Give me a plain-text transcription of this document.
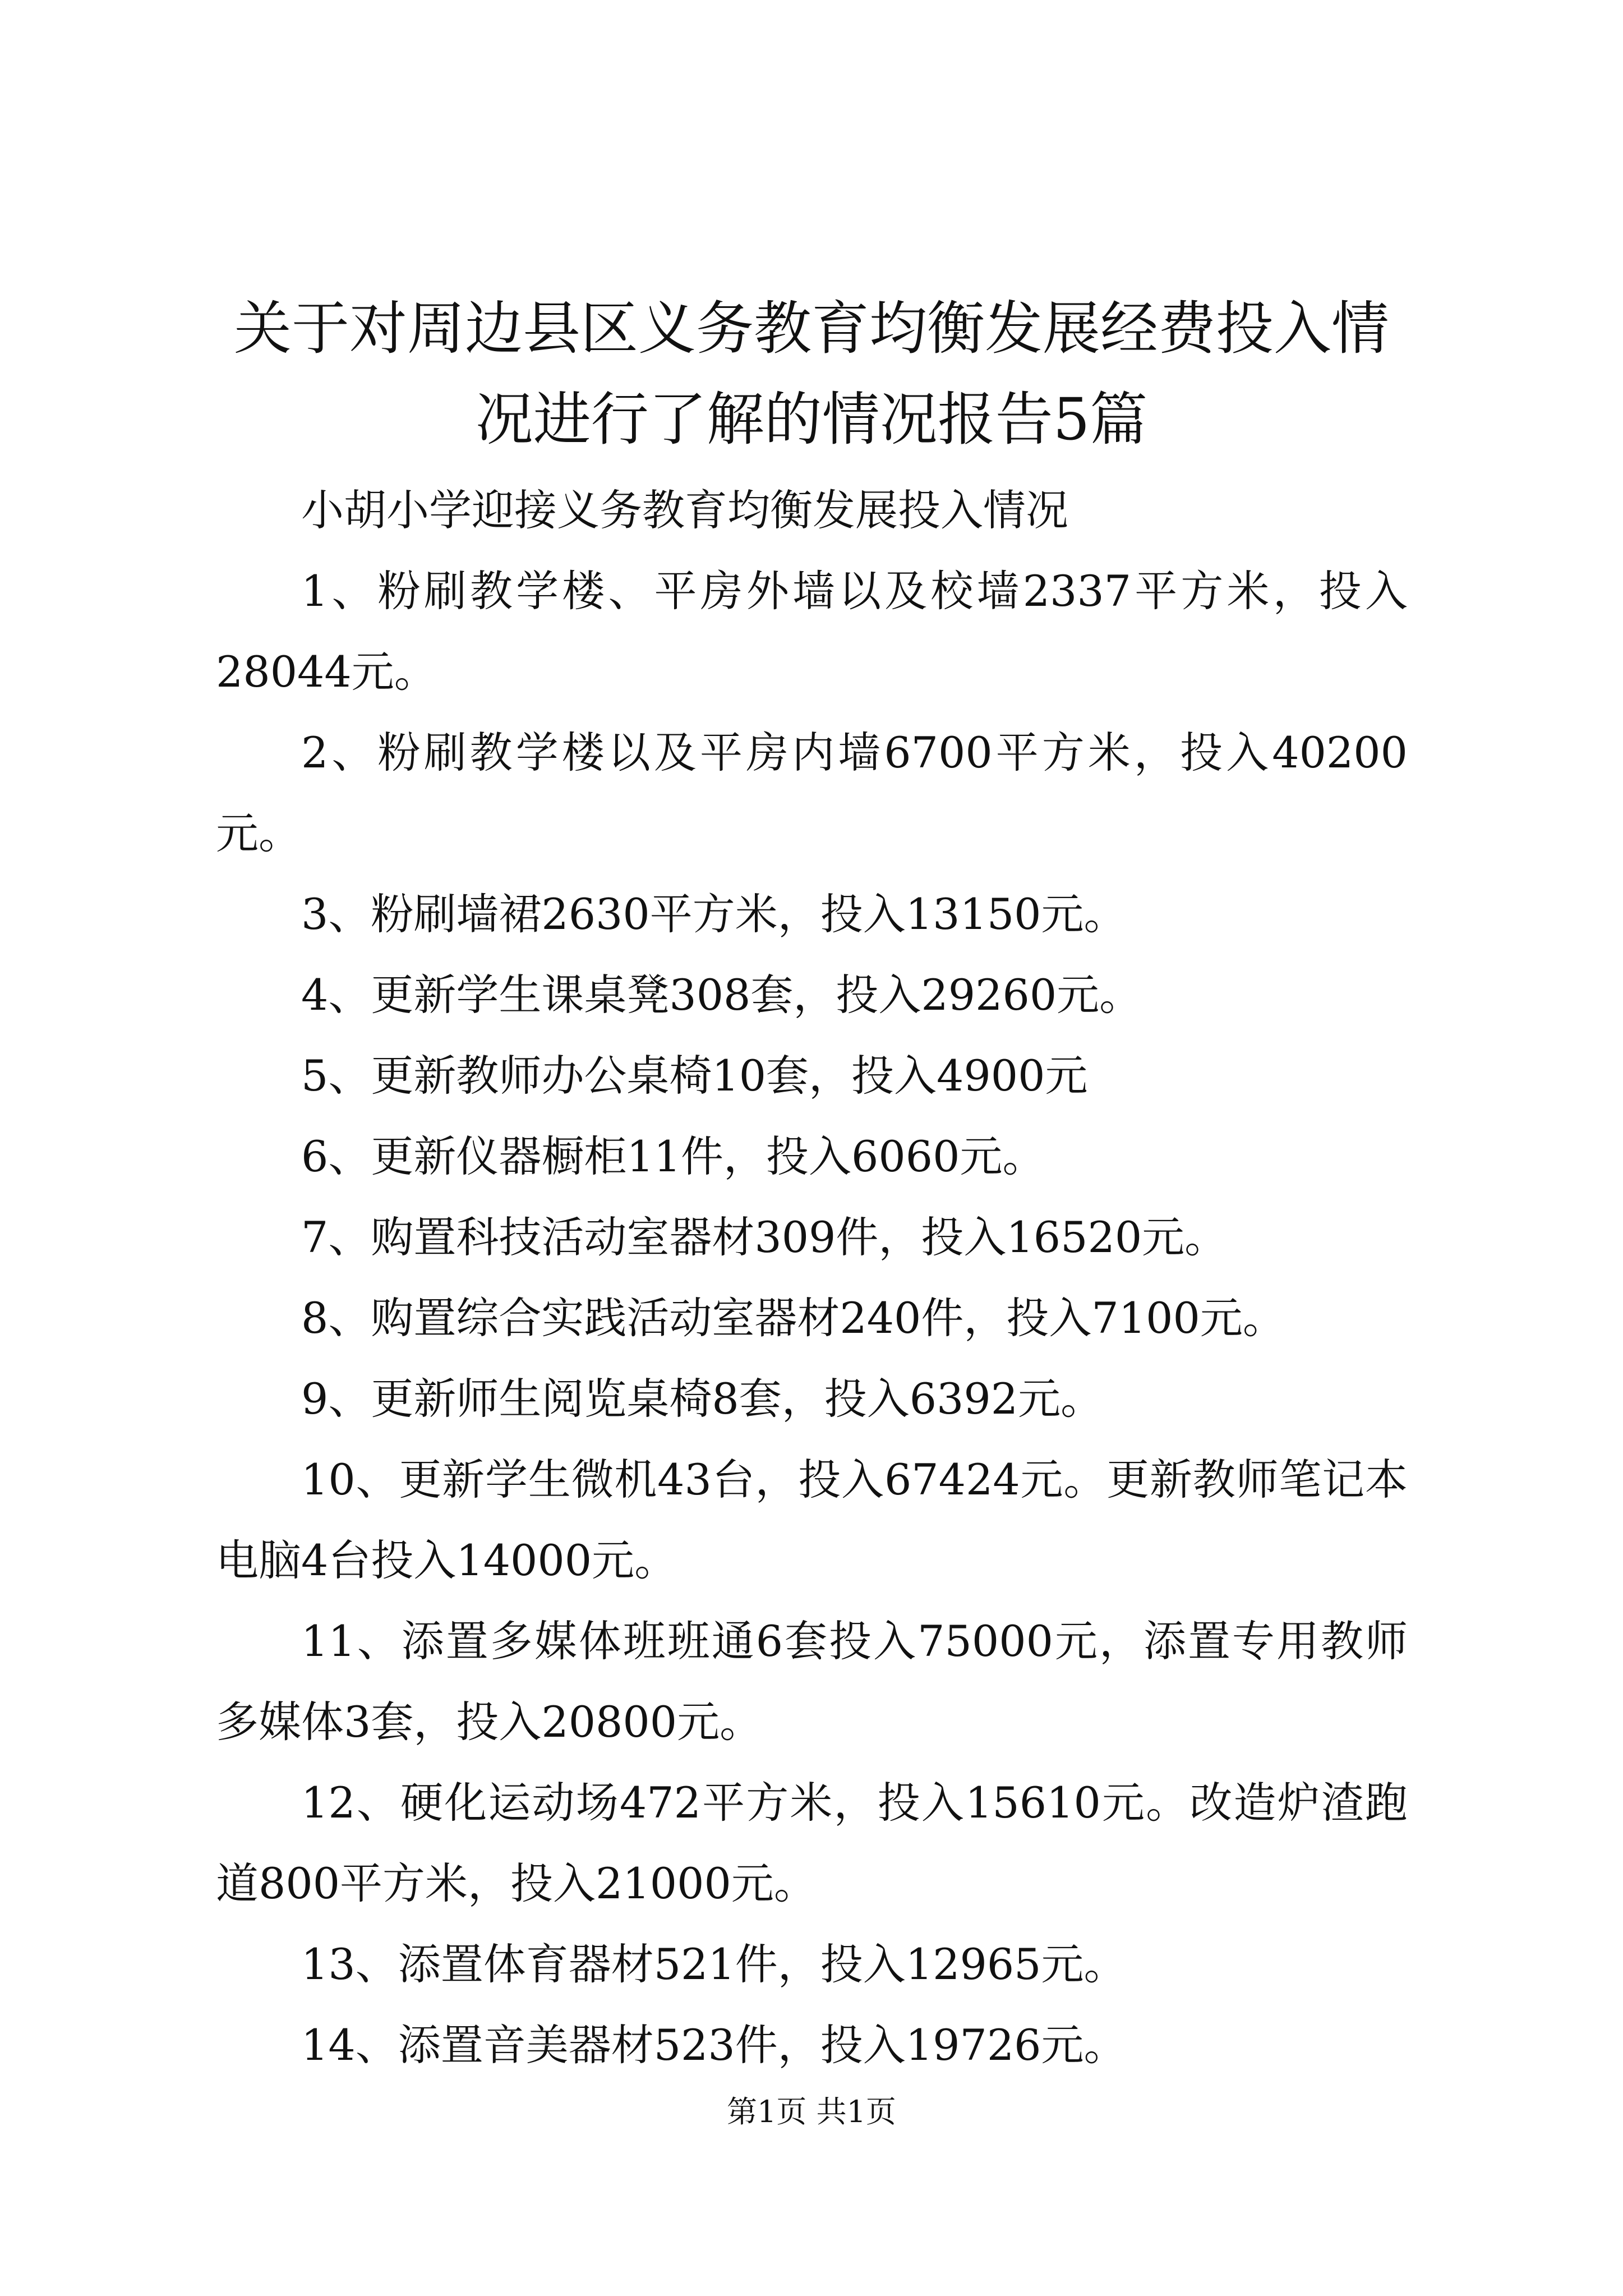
关于对周边县区义务教育均衡发展经费投入情
况进行了解的情况报告5篇

小胡小学迎接义务教育均衡发展投入情况

1、粉刷教学楼、平房外墙以及校墙2337平方米，投入28044元。

2、粉刷教学楼以及平房内墙6700平方米，投入40200元。

3、粉刷墙裙2630平方米，投入13150元。

4、更新学生课桌凳308套，投入29260元。

5、更新教师办公桌椅10套，投入4900元

6、更新仪器橱柜11件，投入6060元。

7、购置科技活动室器材309件，投入16520元。

8、购置综合实践活动室器材240件，投入7100元。

9、更新师生阅览桌椅8套，投入6392元。

10、更新学生微机43台，投入67424元。更新教师笔记本电脑4台投入14000元。

11、添置多媒体班班通6套投入75000元，添置专用教师多媒体3套，投入20800元。

12、硬化运动场472平方米，投入15610元。改造炉渣跑道800平方米，投入21000元。

13、添置体育器材521件，投入12965元。

14、添置音美器材523件，投入19726元。

第1页 共1页
